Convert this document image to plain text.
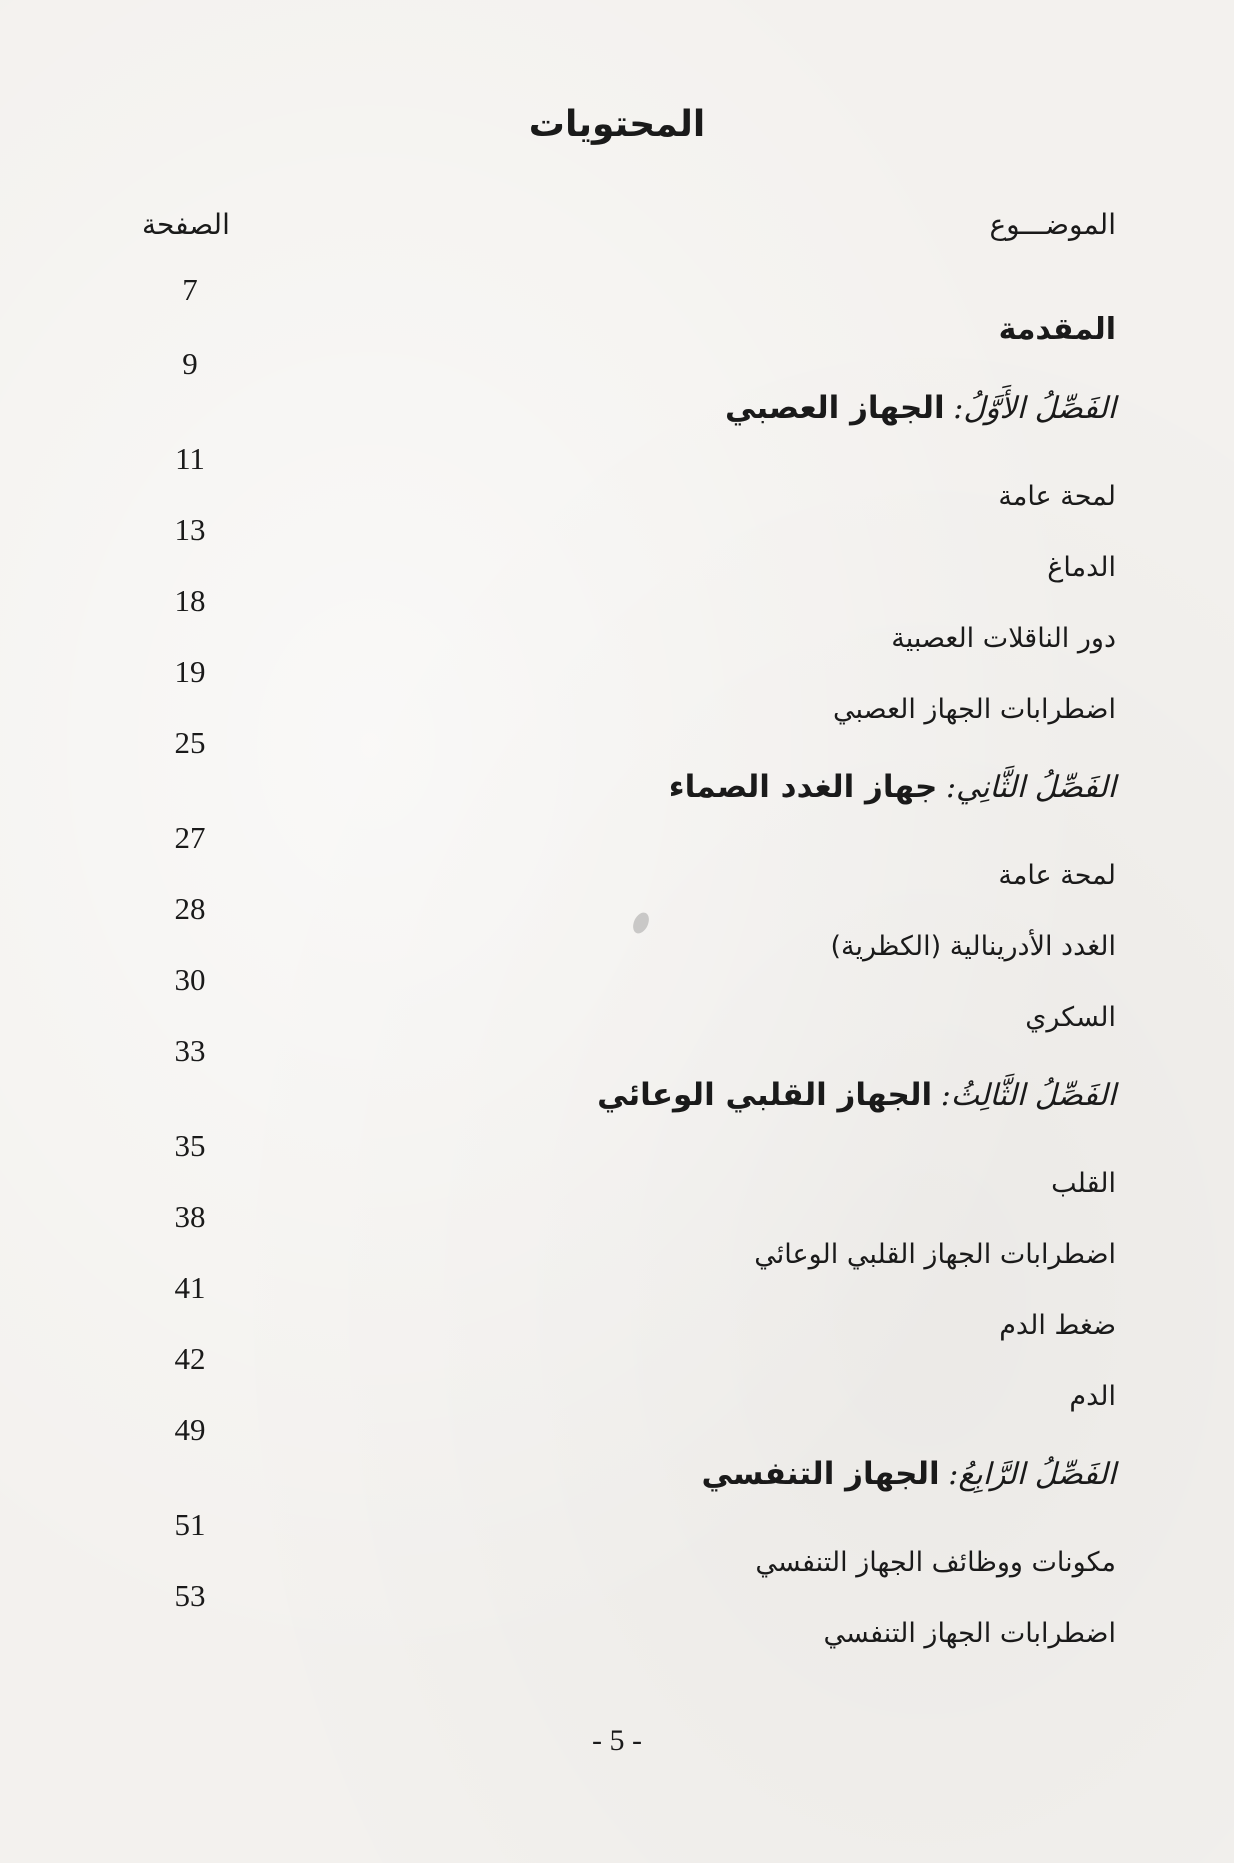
المحتويات
الموضـــوع
الصفحة
7
المقدمة
9
الفَصِّلُ الأَوَّلُ: الجهاز العصبي
11
لمحة عامة
13
الدماغ
18
دور الناقلات العصبية
19
اضطرابات الجهاز العصبي
25
الفَصِّلُ الثَّانِي: جهاز الغدد الصماء
27
لمحة عامة
28
الغدد الأدرينالية (الكظرية)
30
السكري
33
الفَصِّلُ الثَّالِثُ: الجهاز القلبي الوعائي
35
القلب
38
اضطرابات الجهاز القلبي الوعائي
41
ضغط الدم
42
الدم
49
الفَصِّلُ الرَّابِعُ: الجهاز التنفسي
51
مكونات ووظائف الجهاز التنفسي
53
اضطرابات الجهاز التنفسي
- 5 -
